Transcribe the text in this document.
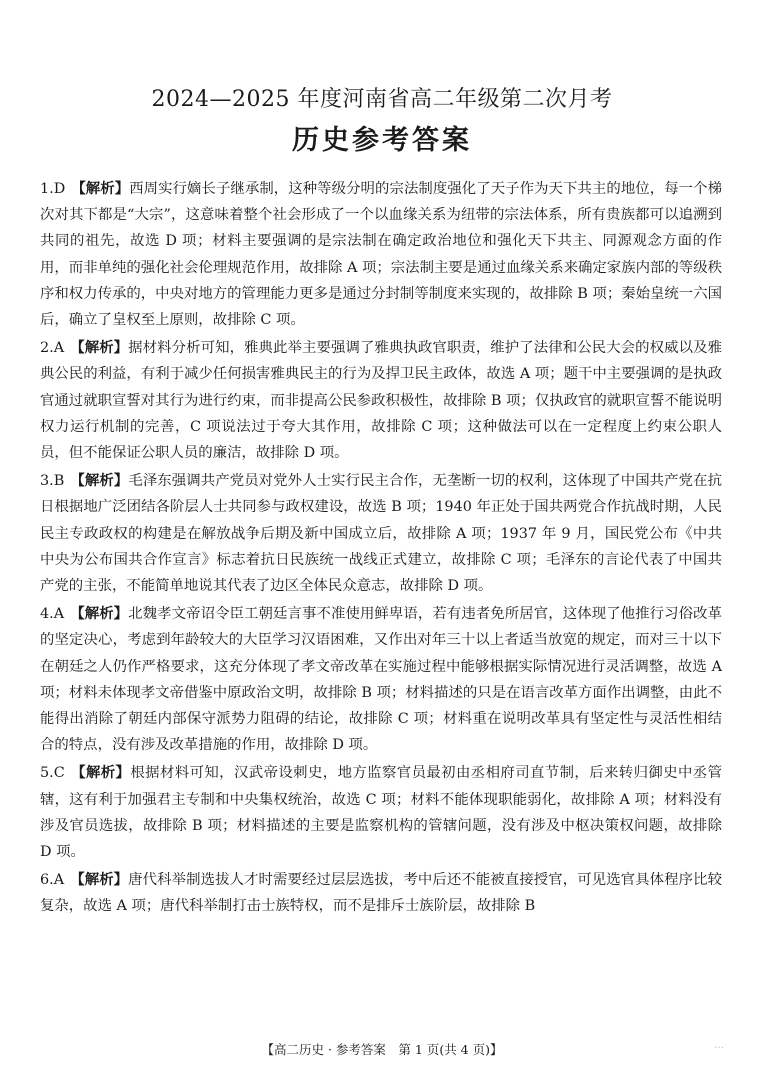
2024—2025 年度河南省高二年级第二次月考
历史参考答案
1.D 【解析】西周实行嫡长子继承制，这种等级分明的宗法制度强化了天子作为天下共主的地位，每一个梯次对其下都是“大宗”，这意味着整个社会形成了一个以血缘关系为纽带的宗法体系，所有贵族都可以追溯到共同的祖先，故选 D 项；材料主要强调的是宗法制在确定政治地位和强化天下共主、同源观念方面的作用，而非单纯的强化社会伦理规范作用，故排除 A 项；宗法制主要是通过血缘关系来确定家族内部的等级秩序和权力传承的，中央对地方的管理能力更多是通过分封制等制度来实现的，故排除 B 项；秦始皇统一六国后，确立了皇权至上原则，故排除 C 项。
2.A 【解析】据材料分析可知，雅典此举主要强调了雅典执政官职责，维护了法律和公民大会的权威以及雅典公民的利益，有利于减少任何损害雅典民主的行为及捍卫民主政体，故选 A 项；题干中主要强调的是执政官通过就职宣誓对其行为进行约束，而非提高公民参政积极性，故排除 B 项；仅执政官的就职宣誓不能说明权力运行机制的完善，C 项说法过于夸大其作用，故排除 C 项；这种做法可以在一定程度上约束公职人员，但不能保证公职人员的廉洁，故排除 D 项。
3.B 【解析】毛泽东强调共产党员对党外人士实行民主合作，无垄断一切的权利，这体现了中国共产党在抗日根据地广泛团结各阶层人士共同参与政权建设，故选 B 项；1940 年正处于国共两党合作抗战时期，人民民主专政政权的构建是在解放战争后期及新中国成立后，故排除 A 项；1937 年 9 月，国民党公布《中共中央为公布国共合作宣言》标志着抗日民族统一战线正式建立，故排除 C 项；毛泽东的言论代表了中国共产党的主张，不能简单地说其代表了边区全体民众意志，故排除 D 项。
4.A 【解析】北魏孝文帝诏令臣工朝廷言事不准使用鲜卑语，若有违者免所居官，这体现了他推行习俗改革的坚定决心，考虑到年龄较大的大臣学习汉语困难，又作出对年三十以上者适当放宽的规定，而对三十以下在朝廷之人仍作严格要求，这充分体现了孝文帝改革在实施过程中能够根据实际情况进行灵活调整，故选 A 项；材料未体现孝文帝借鉴中原政治文明，故排除 B 项；材料描述的只是在语言改革方面作出调整，由此不能得出消除了朝廷内部保守派势力阻碍的结论，故排除 C 项；材料重在说明改革具有坚定性与灵活性相结合的特点，没有涉及改革措施的作用，故排除 D 项。
5.C 【解析】根据材料可知，汉武帝设刺史，地方监察官员最初由丞相府司直节制，后来转归御史中丞管辖，这有利于加强君主专制和中央集权统治，故选 C 项；材料不能体现职能弱化，故排除 A 项；材料没有涉及官员选拔，故排除 B 项；材料描述的主要是监察机构的管辖问题，没有涉及中枢决策权问题，故排除 D 项。
6.A 【解析】唐代科举制选拔人才时需要经过层层选拔，考中后还不能被直接授官，可见选官具体程序比较复杂，故选 A 项；唐代科举制打击士族特权，而不是排斥士族阶层，故排除 B
【高二历史 · 参考答案　第 1 页(共 4 页)】	…
